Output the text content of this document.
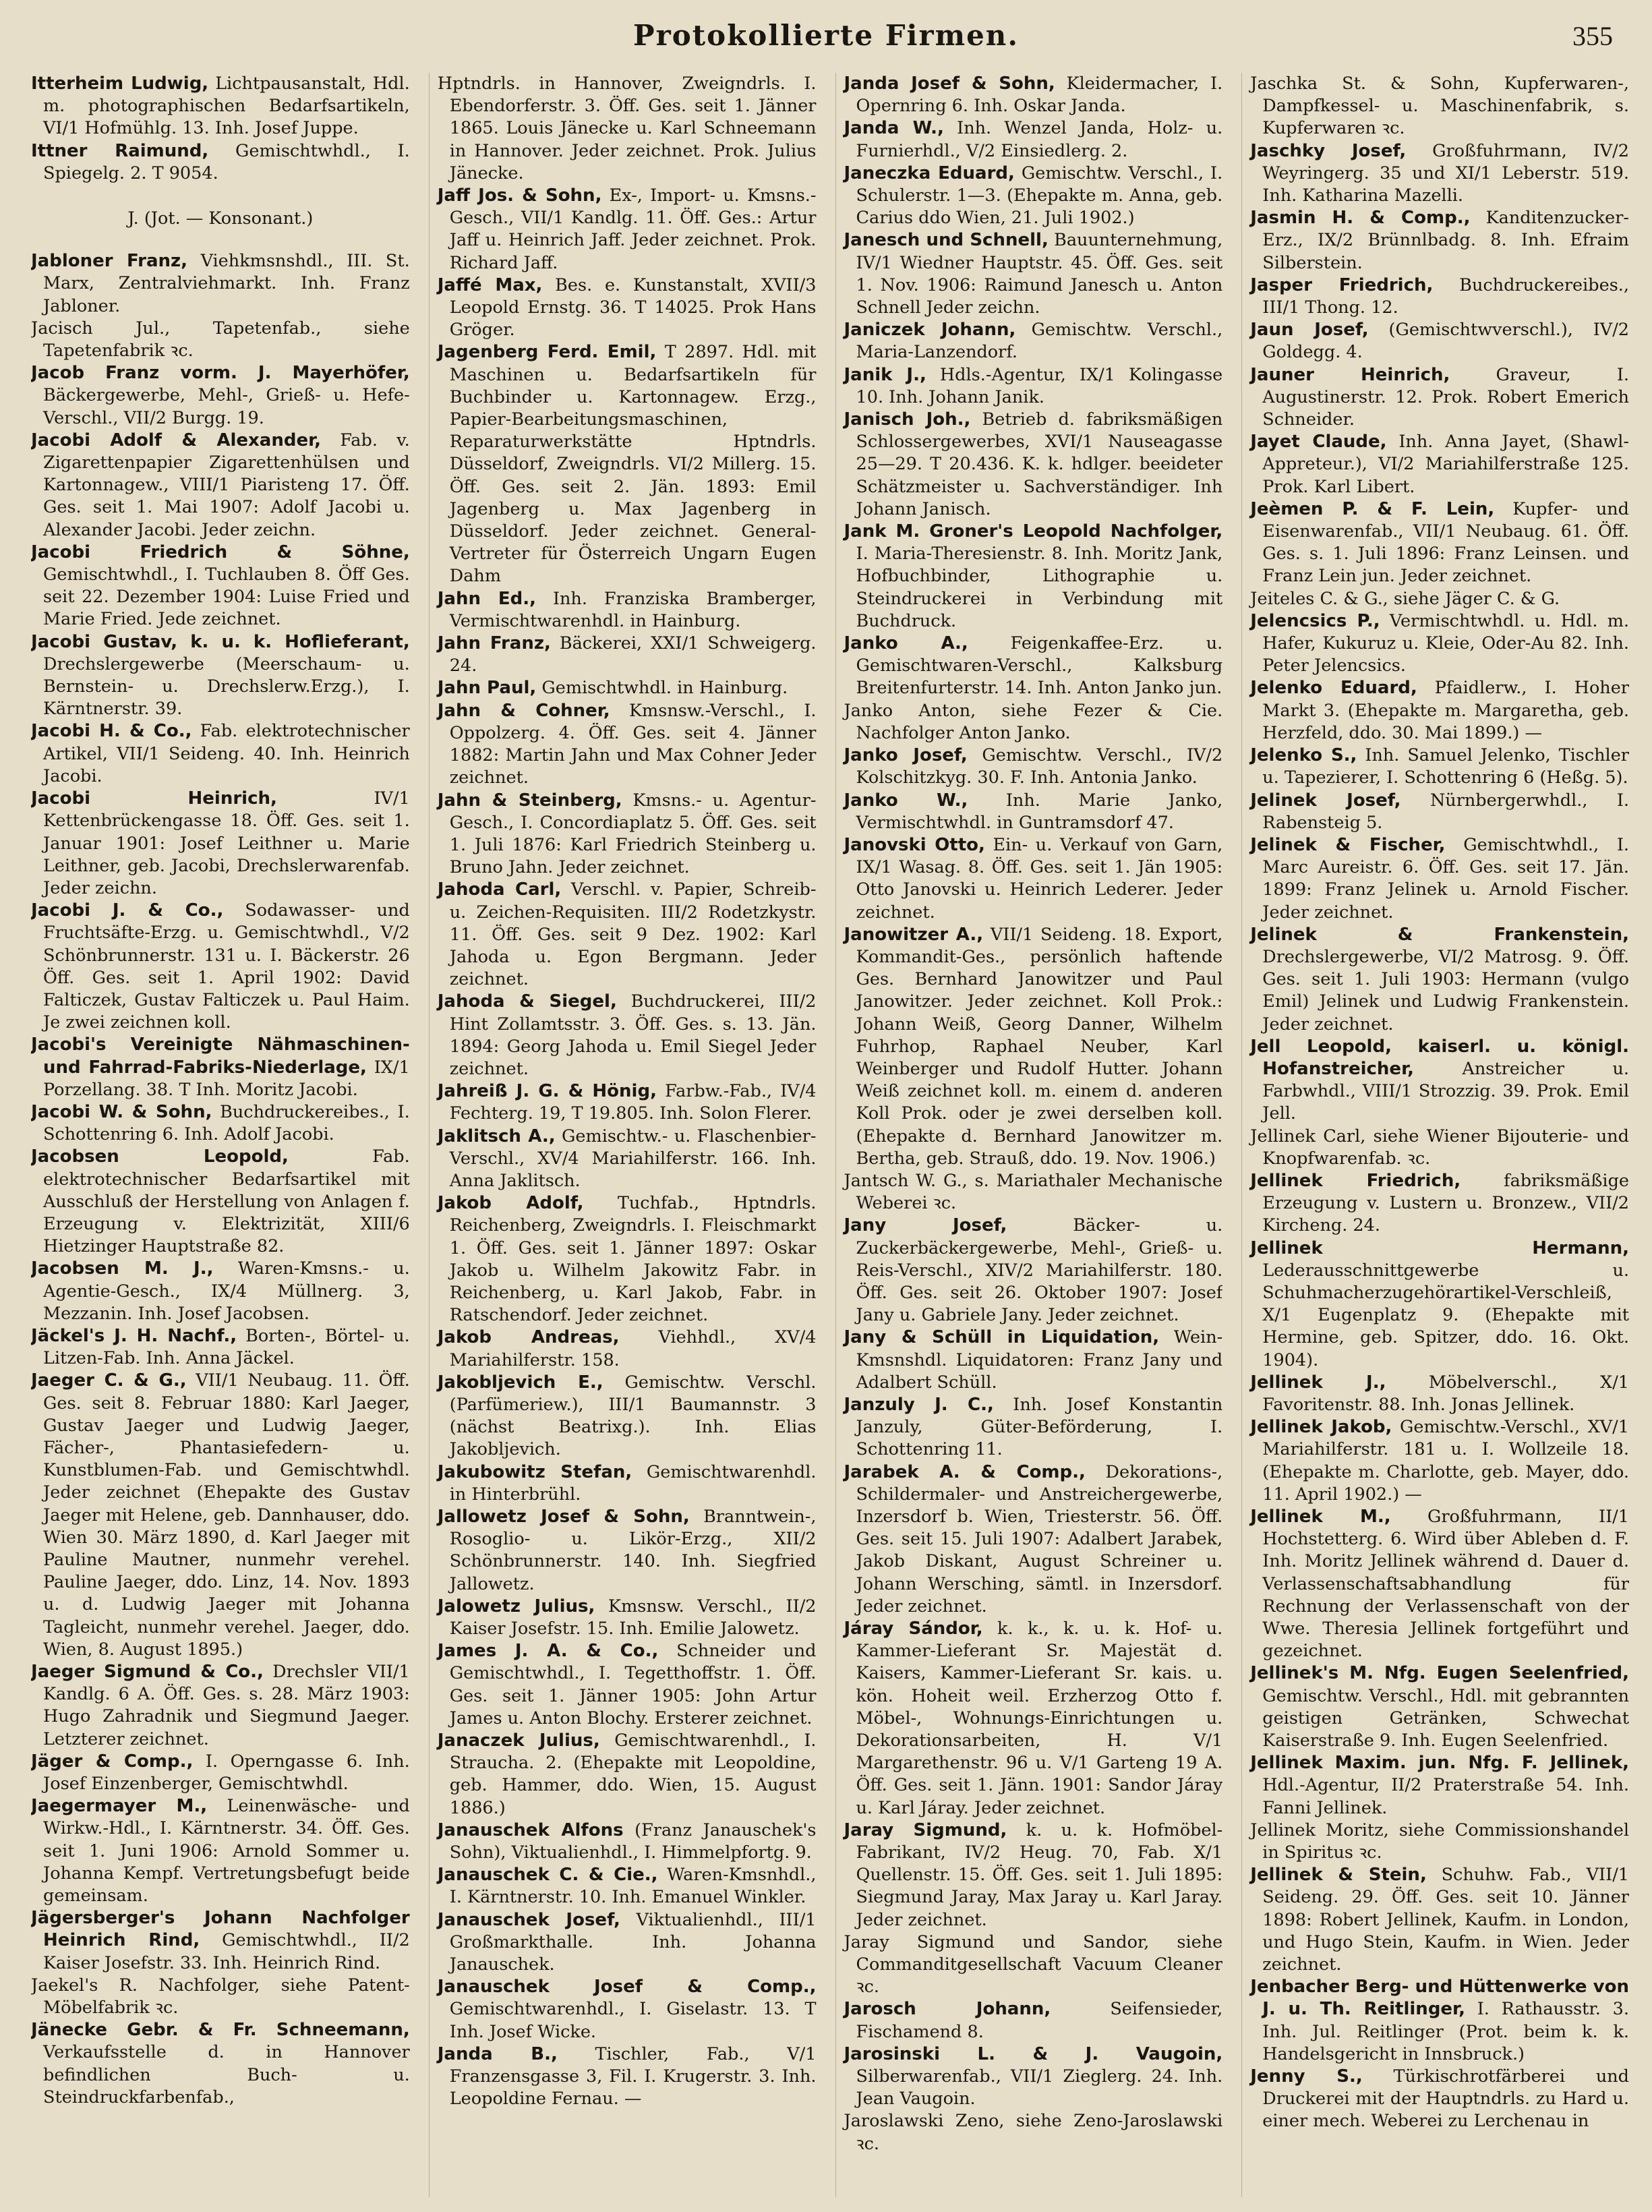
Protokollierte Firmen.	355

Itterheim Ludwig, Lichtpausanstalt, Hdl. m. photographischen Bedarfsartikeln, VI/1 Hofmühlg. 13. Inh. Josef Juppe.

Ittner Raimund, Gemischtwhdl., I. Spiegelg. 2. T 9054.

J. (Jot. — Konsonant.)

Jabloner Franz, Viehkmsnshdl., III. St. Marx, Zentralviehmarkt. Inh. Franz Jabloner.

Jacisch Jul., Tapetenfab., siehe Tapetenfabrik ꝛc.

Jacob Franz vorm. J. Mayerhöfer, Bäckergewerbe, Mehl-, Grieß- u. Hefe-Verschl., VII/2 Burgg. 19.

Jacobi Adolf & Alexander, Fab. v. Zigarettenpapier Zigarettenhülsen und Kartonnagew., VIII/1 Piaristeng 17. Öff. Ges. seit 1. Mai 1907: Adolf Jacobi u. Alexander Jacobi. Jeder zeichn.

Jacobi Friedrich & Söhne, Gemischtwhdl., I. Tuchlauben 8. Öff Ges. seit 22. Dezember 1904: Luise Fried und Marie Fried. Jede zeichnet.

Jacobi Gustav, k. u. k. Hoflieferant, Drechslergewerbe (Meerschaum- u. Bernstein- u. Drechslerw.Erzg.), I. Kärntnerstr. 39.

Jacobi H. & Co., Fab. elektrotechnischer Artikel, VII/1 Seideng. 40. Inh. Heinrich Jacobi.

Jacobi Heinrich,	IV/1 Kettenbrückengasse 18. Öff. Ges. seit 1. Januar 1901: Josef Leithner u. Marie Leithner, geb. Jacobi, Drechslerwarenfab. Jeder zeichn.

Jacobi J. & Co., Sodawasser- und Fruchtsäfte-Erzg. u. Gemischtwhdl., V/2 Schönbrunnerstr. 131 u. I. Bäckerstr. 26 Öff. Ges. seit 1. April 1902: David Falticzek, Gustav Falticzek u. Paul Haim. Je zwei zeichnen koll.

Jacobi's Vereinigte Nähmaschinen- und Fahrrad-Fabriks-Niederlage, IX/1 Porzellang. 38. T Inh. Moritz Jacobi.

Jacobi W. & Sohn, Buchdruckereibes., I. Schottenring 6. Inh. Adolf Jacobi.

Jacobsen Leopold,	Fab. elektrotechnischer Bedarfsartikel mit Ausschluß der Herstellung von Anlagen f. Erzeugung v. Elektrizität, XIII/6 Hietzinger Hauptstraße 82.

Jacobsen M. J., Waren-Kmsns.- u. Agentie-Gesch., IX/4 Müllnerg. 3, Mezzanin. Inh. Josef Jacobsen.

Jäckel's J. H. Nachf., Borten-, Börtel- u. Litzen-Fab. Inh. Anna Jäckel.

Jaeger C. & G., VII/1 Neubaug. 11. Öff. Ges. seit 8. Februar 1880: Karl Jaeger, Gustav Jaeger und Ludwig Jaeger, Fächer-, Phantasiefedern- u. Kunstblumen-Fab. und Gemischtwhdl. Jeder zeichnet (Ehepakte des Gustav Jaeger mit Helene, geb. Dannhauser, ddo. Wien 30. März 1890, d. Karl Jaeger mit Pauline Mautner, nunmehr verehel. Pauline Jaeger, ddo. Linz, 14. Nov. 1893 u. d. Ludwig Jaeger mit Johanna Tagleicht, nunmehr verehel. Jaeger, ddo. Wien, 8. August 1895.)

Jaeger Sigmund & Co., Drechsler VII/1 Kandlg. 6 A. Öff. Ges. s. 28. März 1903: Hugo Zahradnik und Siegmund Jaeger. Letzterer zeichnet.

Jäger & Comp., I. Operngasse 6. Inh. Josef Einzenberger, Gemischtwhdl.

Jaegermayer M., Leinenwäsche- und Wirkw.-Hdl., I. Kärntnerstr. 34. Öff. Ges. seit 1. Juni 1906: Arnold Sommer u. Johanna Kempf. Vertretungsbefugt beide gemeinsam.

Jägersberger's Johann Nachfolger Heinrich Rind, Gemischtwhdl., II/2 Kaiser Josefstr. 33. Inh. Heinrich Rind.

Jaekel's R. Nachfolger, siehe Patent-Möbelfabrik ꝛc.

Jänecke Gebr. & Fr. Schneemann, Verkaufsstelle d. in Hannover befindlichen Buch- u. Steindruckfarbenfab.,

Hptndrls. in Hannover, Zweigndrls. I. Ebendorferstr. 3. Öff. Ges. seit 1. Jänner 1865. Louis Jänecke u. Karl Schneemann in Hannover. Jeder zeichnet. Prok. Julius Jänecke.

Jaff Jos. & Sohn, Ex-, Import- u. Kmsns.-Gesch., VII/1 Kandlg. 11. Öff. Ges.: Artur Jaff u. Heinrich Jaff. Jeder zeichnet. Prok. Richard Jaff.

Jaffé Max, Bes. e. Kunstanstalt, XVII/3 Leopold Ernstg. 36. T 14025. Prok Hans Gröger.

Jagenberg Ferd. Emil, T 2897. Hdl. mit Maschinen u. Bedarfsartikeln für Buchbinder u. Kartonnagew. Erzg., Papier-Bearbeitungsmaschinen, Reparaturwerkstätte Hptndrls. Düsseldorf, Zweigndrls. VI/2 Millerg. 15. Öff. Ges. seit 2. Jän. 1893: Emil Jagenberg u. Max Jagenberg in Düsseldorf. Jeder zeichnet. General-Vertreter für Österreich Ungarn Eugen Dahm

Jahn Ed., Inh. Franziska Bramberger, Vermischtwarenhdl. in Hainburg.

Jahn Franz, Bäckerei, XXI/1 Schweigerg. 24.

Jahn Paul, Gemischtwhdl. in Hainburg.

Jahn & Cohner, Kmsnsw.-Verschl., I. Oppolzerg. 4. Öff. Ges. seit 4. Jänner 1882: Martin Jahn und Max Cohner Jeder zeichnet.

Jahn & Steinberg, Kmsns.- u. Agentur-Gesch., I. Concordiaplatz 5. Öff. Ges. seit 1. Juli 1876: Karl Friedrich Steinberg u. Bruno Jahn. Jeder zeichnet.

Jahoda Carl, Verschl. v. Papier, Schreib- u. Zeichen-Requisiten. III/2 Rodetzkystr. 11. Öff. Ges. seit 9 Dez. 1902: Karl Jahoda u. Egon Bergmann. Jeder zeichnet.

Jahoda & Siegel, Buchdruckerei, III/2 Hint Zollamtsstr. 3. Öff. Ges. s. 13. Jän. 1894: Georg Jahoda u. Emil Siegel Jeder zeichnet.

Jahreiß J. G. & Hönig, Farbw.-Fab., IV/4 Fechterg. 19, T 19.805. Inh. Solon Flerer.

Jaklitsch A., Gemischtw.- u. Flaschenbier-Verschl., XV/4 Mariahilferstr. 166. Inh. Anna Jaklitsch.

Jakob Adolf, Tuchfab., Hptndrls. Reichenberg, Zweigndrls. I. Fleischmarkt 1. Öff. Ges. seit 1. Jänner 1897: Oskar Jakob u. Wilhelm Jakowitz Fabr. in Reichenberg, u. Karl Jakob, Fabr. in Ratschendorf. Jeder zeichnet.

Jakob Andreas, Viehhdl., XV/4 Mariahilferstr. 158.

Jakobljevich E., Gemischtw. Verschl. (Parfümeriew.), III/1 Baumannstr. 3 (nächst Beatrixg.). Inh. Elias Jakobljevich.

Jakubowitz Stefan, Gemischtwarenhdl. in Hinterbrühl.

Jallowetz Josef & Sohn, Branntwein-, Rosoglio- u. Likör-Erzg., XII/2 Schönbrunnerstr. 140. Inh. Siegfried Jallowetz.

Jalowetz Julius, Kmsnsw. Verschl., II/2 Kaiser Josefstr. 15. Inh. Emilie Jalowetz.

James J. A. & Co., Schneider und Gemischtwhdl., I. Tegetthoffstr. 1. Öff. Ges. seit 1. Jänner 1905: John Artur James u. Anton Blochy. Ersterer zeichnet.

Janaczek Julius, Gemischtwarenhdl., I. Straucha. 2. (Ehepakte mit Leopoldine, geb. Hammer, ddo. Wien, 15. August 1886.)

Janauschek Alfons (Franz Janauschek's Sohn), Viktualienhdl., I. Himmelpfortg. 9.

Janauschek C. & Cie., Waren-Kmsnhdl., I. Kärntnerstr. 10. Inh. Emanuel Winkler.

Janauschek Josef, Viktualienhdl., III/1 Großmarkthalle. Inh. Johanna Janauschek.

Janauschek Josef & Comp., Gemischtwarenhdl., I. Giselastr. 13. T Inh. Josef Wicke.

Janda B., Tischler, Fab., V/1 Franzensgasse 3, Fil. I. Krugerstr. 3. Inh. Leopoldine Fernau. —

Janda Josef & Sohn, Kleidermacher, I. Opernring 6. Inh. Oskar Janda.

Janda W., Inh. Wenzel Janda, Holz- u. Furnierhdl., V/2 Einsiedlerg. 2.

Janeczka Eduard, Gemischtw. Verschl., I. Schulerstr. 1—3. (Ehepakte m. Anna, geb. Carius ddo Wien, 21. Juli 1902.)

Janesch und Schnell, Bauunternehmung, IV/1 Wiedner Hauptstr. 45. Öff. Ges. seit 1. Nov. 1906: Raimund Janesch u. Anton Schnell Jeder zeichn.

Janiczek Johann, Gemischtw. Verschl., Maria-Lanzendorf.

Janik J., Hdls.-Agentur, IX/1 Kolingasse 10. Inh. Johann Janik.

Janisch Joh., Betrieb d. fabriksmäßigen Schlossergewerbes, XVI/1 Nauseagasse 25—29. T 20.436. K. k. hdlger. beeideter Schätzmeister u. Sachverständiger. Inh Johann Janisch.

Jank M. Groner's Leopold Nachfolger, I. Maria-Theresienstr. 8. Inh. Moritz Jank, Hofbuchbinder, Lithographie u. Steindruckerei in Verbindung mit Buchdruck.

Janko A., Feigenkaffee-Erz. u. Gemischtwaren-Verschl., Kalksburg Breitenfurterstr. 14. Inh. Anton Janko jun.

Janko Anton, siehe Fezer & Cie. Nachfolger Anton Janko.

Janko Josef, Gemischtw. Verschl., IV/2 Kolschitzkyg. 30. F. Inh. Antonia Janko.

Janko W., Inh. Marie Janko, Vermischtwhdl. in Guntramsdorf 47.

Janovski Otto, Ein- u. Verkauf von Garn, IX/1 Wasag. 8. Öff. Ges. seit 1. Jän 1905: Otto Janovski u. Heinrich Lederer. Jeder zeichnet.

Janowitzer A., VII/1 Seideng. 18. Export, Kommandit-Ges., persönlich haftende Ges. Bernhard Janowitzer und Paul Janowitzer. Jeder zeichnet. Koll Prok.: Johann Weiß, Georg Danner, Wilhelm Fuhrhop, Raphael Neuber, Karl Weinberger und Rudolf Hutter. Johann Weiß zeichnet koll. m. einem d. anderen Koll Prok. oder je zwei derselben koll. (Ehepakte d. Bernhard Janowitzer m. Bertha, geb. Strauß, ddo. 19. Nov. 1906.)

Jantsch W. G., s. Mariathaler Mechanische Weberei ꝛc.

Jany Josef,	Bäcker- u. Zuckerbäckergewerbe, Mehl-, Grieß- u. Reis-Verschl., XIV/2 Mariahilferstr. 180. Öff. Ges. seit 26. Oktober 1907: Josef Jany u. Gabriele Jany. Jeder zeichnet.

Jany & Schüll in Liquidation, Wein-Kmsnshdl. Liquidatoren: Franz Jany und Adalbert Schüll.

Janzuly J. C., Inh. Josef Konstantin Janzuly, Güter-Beförderung, I. Schottenring 11.

Jarabek A. & Comp., Dekorations-, Schildermaler- und Anstreichergewerbe, Inzersdorf b. Wien, Triesterstr. 56. Öff. Ges. seit 15. Juli 1907: Adalbert Jarabek, Jakob Diskant, August Schreiner u. Johann Wersching, sämtl. in Inzersdorf. Jeder zeichnet.

Járay Sándor, k. k., k. u. k. Hof- u. Kammer-Lieferant Sr. Majestät d. Kaisers, Kammer-Lieferant Sr. kais. u. kön. Hoheit weil. Erzherzog Otto f. Möbel-, Wohnungs-Einrichtungen u. Dekorationsarbeiten, H. V/1 Margarethenstr. 96 u. V/1 Garteng 19 A. Öff. Ges. seit 1. Jänn. 1901: Sandor Járay u. Karl Járay. Jeder zeichnet.

Jaray Sigmund, k. u. k. Hofmöbel-Fabrikant, IV/2 Heug. 70, Fab. X/1 Quellenstr. 15. Öff. Ges. seit 1. Juli 1895: Siegmund Jaray, Max Jaray u. Karl Jaray. Jeder zeichnet.

Jaray Sigmund und Sandor, siehe Commanditgesellschaft Vacuum Cleaner ꝛc.

Jarosch Johann,	Seifensieder, Fischamend 8.

Jarosinski L. & J. Vaugoin, Silberwarenfab., VII/1 Zieglerg. 24. Inh. Jean Vaugoin.

Jaroslawski Zeno, siehe Zeno-Jaroslawski ꝛc.

Jaschka St. & Sohn, Kupferwaren-, Dampfkessel- u. Maschinenfabrik, s. Kupferwaren ꝛc.

Jaschky Josef, Großfuhrmann, IV/2 Weyringerg. 35 und XI/1 Leberstr. 519. Inh. Katharina Mazelli.

Jasmin H. & Comp., Kanditenzucker-Erz., IX/2 Brünnlbadg. 8. Inh. Efraim Silberstein.

Jasper Friedrich, Buchdruckereibes., III/1 Thong. 12.

Jaun Josef, (Gemischtwverschl.), IV/2 Goldegg. 4.

Jauner Heinrich,	Graveur, I. Augustinerstr. 12. Prok. Robert Emerich Schneider.

Jayet Claude, Inh. Anna Jayet, (Shawl-Appreteur.), VI/2 Mariahilferstraße 125. Prok. Karl Libert.

Jeèmen P. & F. Lein, Kupfer- und Eisenwarenfab., VII/1 Neubaug. 61. Öff. Ges. s. 1. Juli 1896: Franz Leinsen. und Franz Lein jun. Jeder zeichnet.

Jeiteles C. & G., siehe Jäger C. & G.

Jelencsics P., Vermischtwhdl. u. Hdl. m. Hafer, Kukuruz u. Kleie, Oder-Au 82. Inh. Peter Jelencsics.

Jelenko Eduard, Pfaidlerw., I. Hoher Markt 3. (Ehepakte m. Margaretha, geb. Herzfeld, ddo. 30. Mai 1899.) —

Jelenko S., Inh. Samuel Jelenko, Tischler u. Tapezierer, I. Schottenring 6 (Heßg. 5).

Jelinek Josef, Nürnbergerwhdl., I. Rabensteig 5.

Jelinek & Fischer, Gemischtwhdl., I. Marc Aureistr. 6. Öff. Ges. seit 17. Jän. 1899: Franz Jelinek u. Arnold Fischer. Jeder zeichnet.

Jelinek & Frankenstein, Drechslergewerbe, VI/2 Matrosg. 9. Öff. Ges. seit 1. Juli 1903: Hermann (vulgo Emil) Jelinek und Ludwig Frankenstein. Jeder zeichnet.

Jell Leopold, kaiserl. u. königl. Hofanstreicher,	Anstreicher u. Farbwhdl., VIII/1 Strozzig. 39. Prok. Emil Jell.

Jellinek Carl, siehe Wiener Bijouterie- und Knopfwarenfab. ꝛc.

Jellinek Friedrich,	fabriksmäßige Erzeugung v. Lustern u. Bronzew., VII/2 Kircheng. 24.

Jellinek Hermann, Lederausschnittgewerbe u. Schuhmacherzugehörartikel-Verschleiß, X/1 Eugenplatz 9. (Ehepakte mit Hermine, geb. Spitzer, ddo. 16. Okt. 1904).

Jellinek J., Möbelverschl., X/1 Favoritenstr. 88. Inh. Jonas Jellinek.

Jellinek Jakob, Gemischtw.-Verschl., XV/1 Mariahilferstr. 181 u. I. Wollzeile 18. (Ehepakte m. Charlotte, geb. Mayer, ddo. 11. April 1902.) —

Jellinek M., Großfuhrmann, II/1 Hochstetterg. 6. Wird über Ableben d. F. Inh. Moritz Jellinek während d. Dauer d. Verlassenschaftsabhandlung für Rechnung der Verlassenschaft von der Wwe. Theresia Jellinek fortgeführt und gezeichnet.

Jellinek's M. Nfg. Eugen Seelenfried, Gemischtw. Verschl., Hdl. mit gebrannten geistigen Getränken, Schwechat Kaiserstraße 9. Inh. Eugen Seelenfried.

Jellinek Maxim. jun. Nfg. F. Jellinek, Hdl.-Agentur, II/2 Praterstraße 54. Inh. Fanni Jellinek.

Jellinek Moritz, siehe Commissionshandel in Spiritus ꝛc.

Jellinek & Stein, Schuhw. Fab., VII/1 Seideng. 29. Öff. Ges. seit 10. Jänner 1898: Robert Jellinek, Kaufm. in London, und Hugo Stein, Kaufm. in Wien. Jeder zeichnet.

Jenbacher Berg- und Hüttenwerke von J. u. Th. Reitlinger, I. Rathausstr. 3. Inh. Jul. Reitlinger (Prot. beim k. k. Handelsgericht in Innsbruck.)

Jenny S., Türkischrotfärberei und Druckerei mit der Hauptndrls. zu Hard u. einer mech. Weberei zu Lerchenau in
